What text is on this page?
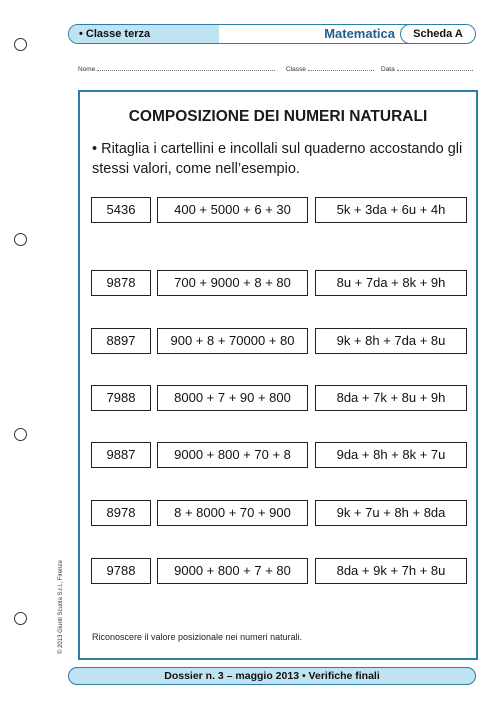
• Classe terza	Matematica	Scheda A
Nome	Classe	Data
COMPOSIZIONE DEI NUMERI NATURALI
• Ritaglia i cartellini e incollali sul quaderno accostando gli stessi valori, come nell’esempio.
5436	400 + 5000 + 6 + 30	5k + 3da + 6u + 4h
9878	700 + 9000 + 8 + 80	8u + 7da + 8k + 9h
8897	900 + 8 + 70000 + 80	9k + 8h + 7da + 8u
7988	8000 + 7 + 90 + 800	8da + 7k + 8u + 9h
9887	9000 + 800 + 70 + 8	9da + 8h + 8k + 7u
8978	8 + 8000 + 70 + 900	9k + 7u + 8h + 8da
9788	9000 + 800 + 7 + 80	8da + 9k + 7h + 8u
Riconoscere il valore posizionale nei numeri naturali.
© 2013 Giunti Scuola S.r.l., Firenze
Dossier n. 3 – maggio 2013 • Verifiche finali
